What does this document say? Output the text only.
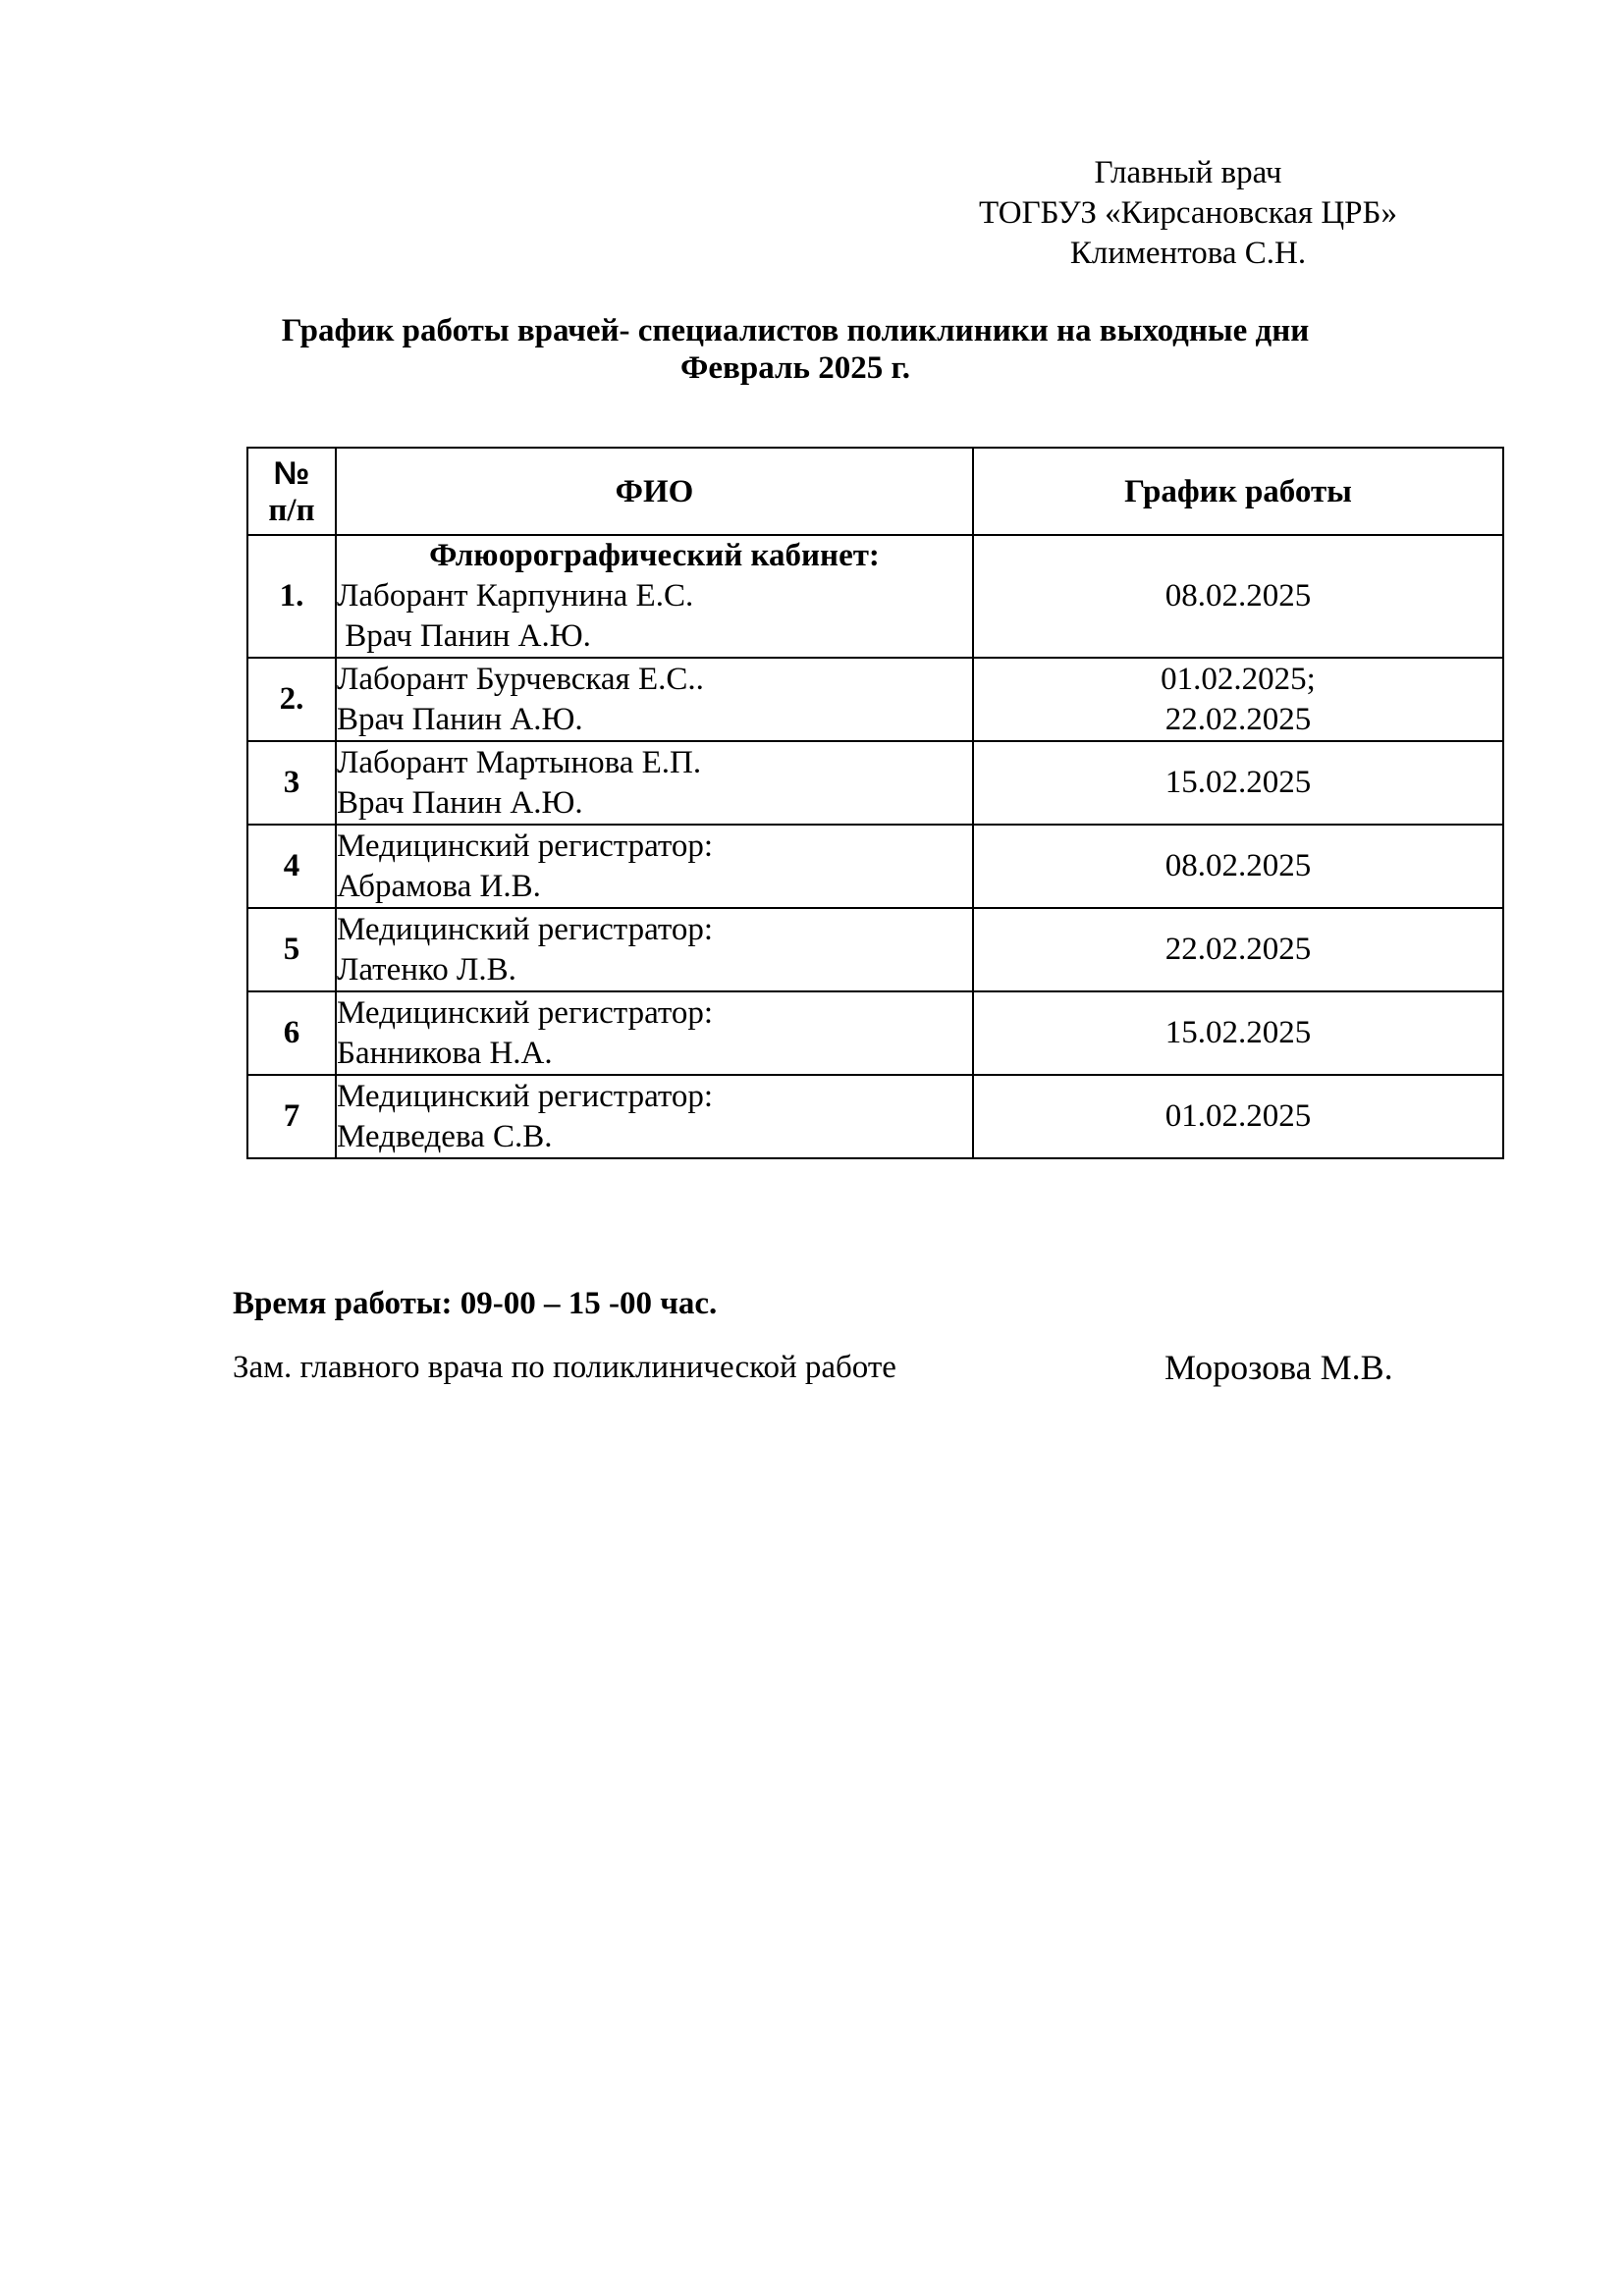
Главный врач
ТОГБУЗ «Кирсановская ЦРБ»
Климентова С.Н.
График работы врачей- специалистов поликлиники на выходные дни
Февраль 2025 г.
№
п/п	ФИО	График работы
1.	Флюорографический кабинет:
Лаборант Карпунина Е.С.
Врач Панин А.Ю.	08.02.2025

2.	Лаборант Бурчевская Е.С..
Врач Панин А.Ю.	01.02.2025;
22.02.2025

3	Лаборант Мартынова Е.П.
Врач Панин А.Ю.	15.02.2025

4	Медицинский регистратор:
Абрамова И.В.	08.02.2025

5	Медицинский регистратор:
Латенко Л.В.	22.02.2025

6	Медицинский регистратор:
Банникова Н.А.	15.02.2025

7	Медицинский регистратор:
Медведева С.В.	01.02.2025
Время работы: 09-00 – 15 -00 час.
Зам. главного врача по поликлинической работе	Морозова М.В.
